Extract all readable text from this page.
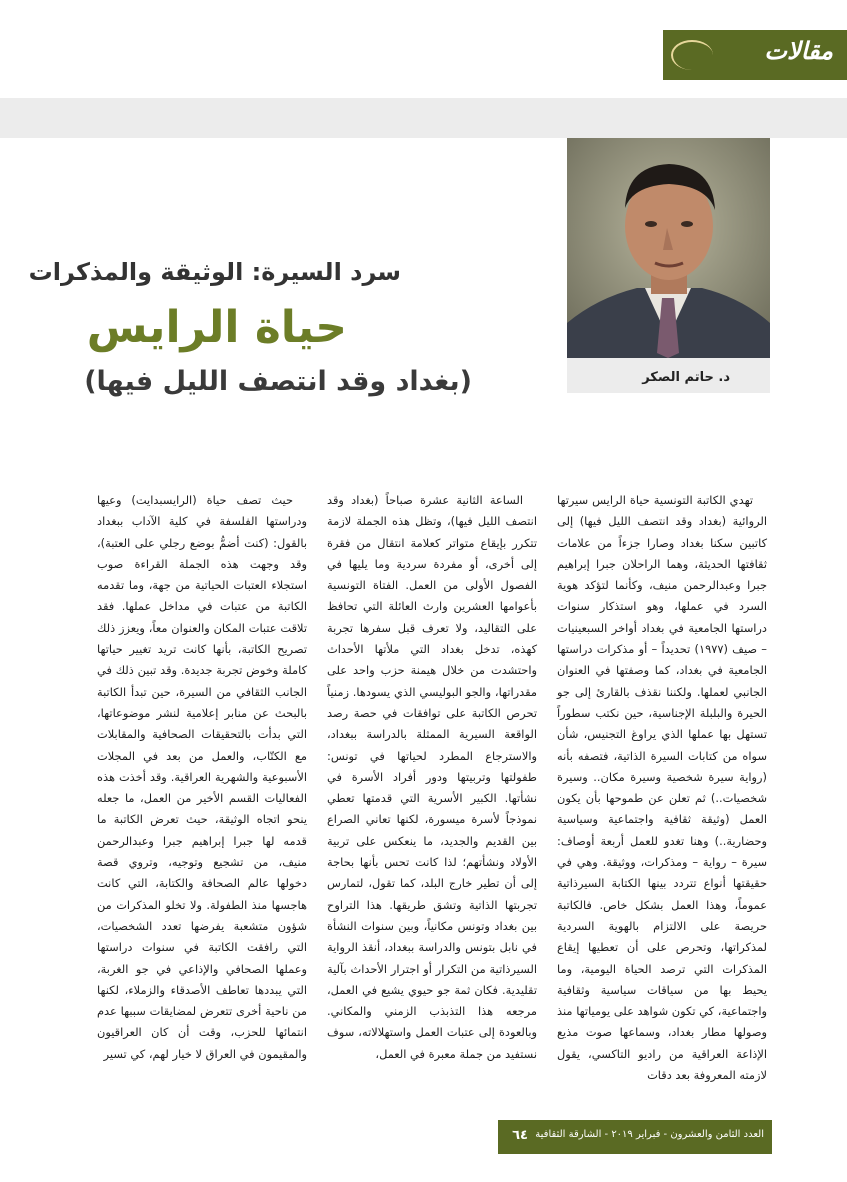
مقالات
د. حاتم الصكر
سرد السيرة: الوثيقة والمذكرات
حياة الرايس
(بغداد وقد انتصف الليل فيها)

تهدي الكاتبة التونسية حياة الرايس سيرتها الروائية (بغداد وقد انتصف الليل فيها) إلى كاتبين سكنا بغداد وصارا جزءاً من علامات ثقافتها الحديثة، وهما الراحلان جبرا إبراهيم جبرا وعبدالرحمن منيف، وكأنما لتؤكد هوية السرد في عملها، وهو استذكار سنوات دراستها الجامعية في بغداد أواخر السبعينيات – صيف (١٩٧٧) تحديداً – أو مذكرات دراستها الجامعية في بغداد، كما وصفتها في العنوان الجانبي لعملها. ولكننا نقذف بالقارئ إلى جو الحيرة والبلبلة الإجناسية، حين نكتب سطوراً تستهل بها عملها الذي يراوغ التجنيس، شأن سواه من كتابات السيرة الذاتية، فتصفه بأنه (رواية سيرة شخصية وسيرة مكان.. وسيرة شخصيات..) ثم تعلن عن طموحها بأن يكون العمل (وثيقة ثقافية واجتماعية وسياسية وحضارية..) وهنا تغدو للعمل أربعة أوصاف: سيرة – رواية – ومذكرات، ووثيقة. وهي في حقيقتها أنواع تتردد بينها الكتابة السيرذاتية عموماً، وهذا العمل بشكل خاص. فالكاتبة حريصة على الالتزام بالهوية السردية لمذكراتها، وتحرص على أن تعطيها إيقاع المذكرات التي ترصد الحياة اليومية، وما يحيط بها من سياقات سياسية وثقافية واجتماعية، كي تكون شواهد على يومياتها منذ وصولها مطار بغداد، وسماعها صوت مذيع الإذاعة العراقية من راديو التاكسي، يقول لازمته المعروفة بعد دقات

الساعة الثانية عشرة صباحاً (بغداد وقد انتصف الليل فيها)، وتظل هذه الجملة لازمة تتكرر بإيقاع متواتر كعلامة انتقال من فقرة إلى أخرى، أو مفردة سردية وما يليها في الفصول الأولى من العمل. الفتاة التونسية بأعوامها العشرين وارث العائلة التي تحافظ على التقاليد، ولا تعرف قبل سفرها تجربة كهذه، تدخل بغداد التي ملأتها الأحداث واحتشدت من خلال هيمنة حزب واحد على مقدراتها، والجو البوليسي الذي يسودها. زمنياً تحرص الكاتبة على توافقات في حصة رصد الواقعة السيرية الممثلة بالدراسة ببغداد، والاسترجاع المطرد لحياتها في تونس: طفولتها وتربيتها ودور أفراد الأسرة في نشأتها. الكبير الأسرية التي قدمتها تعطي نموذجاً لأسرة ميسورة، لكنها تعاني الصراع بين القديم والجديد، ما ينعكس على تربية الأولاد ونشأتهم؛ لذا كانت تحس بأنها بحاجة إلى أن تطير خارج البلد، كما تقول، لتمارس تجربتها الذاتية وتشق طريقها. هذا التراوح بين بغداد وتونس مكانياً، وبين سنوات النشأة في نابل بتونس والدراسة ببغداد، أنقذ الرواية السيرذاتية من التكرار أو اجترار الأحداث بآلية تقليدية. فكان ثمة جو حيوي يشيع في العمل، مرجعه هذا التذبذب الزمني والمكاني. وبالعودة إلى عتبات العمل واستهلالاته، سوف نستفيد من جملة معبرة في العمل،

حيث تصف حياة (الرايسبدايت) وعيها ودراستها الفلسفة في كلية الآداب ببغداد بالقول: (كنت أضمُّ بوضع رجلي على العتبة)، وقد وجهت هذه الجملة القراءة صوب استجلاء العتبات الحياتية من جهة، وما تقدمه الكاتبة من عتبات في مداخل عملها. فقد تلاقت عتبات المكان والعنوان معاً، ويعزز ذلك تصريح الكاتبة، بأنها كانت تريد تغيير حياتها كاملة وخوض تجربة جديدة. وقد تبين ذلك في الجانب الثقافي من السيرة، حين تبدأ الكاتبة بالبحث عن منابر إعلامية لنشر موضوعاتها، التي بدأت بالتحقيقات الصحافية والمقابلات مع الكتّاب، والعمل من بعد في المجلات الأسبوعية والشهرية العراقية. وقد أخذت هذه الفعاليات القسم الأخير من العمل، ما جعله ينحو اتجاه الوثيقة، حيث تعرض الكاتبة ما قدمه لها جبرا إبراهيم جبرا وعبدالرحمن منيف، من تشجيع وتوجيه، وتروي قصة دخولها عالم الصحافة والكتابة، التي كانت هاجسها منذ الطفولة. ولا تخلو المذكرات من شؤون متشعبة يفرضها تعدد الشخصيات، التي رافقت الكاتبة في سنوات دراستها وعملها الصحافي والإذاعي في جو الغربة، التي يبددها تعاطف الأصدقاء والزملاء، لكنها من ناحية أخرى تتعرض لمضايقات سببها عدم انتمائها للحزب، وقت أن كان العراقيون والمقيمون في العراق لا خيار لهم، كي تسير

العدد الثامن والعشرون - فبراير ٢٠١٩ - الشارقة الثقافية
٦٤
